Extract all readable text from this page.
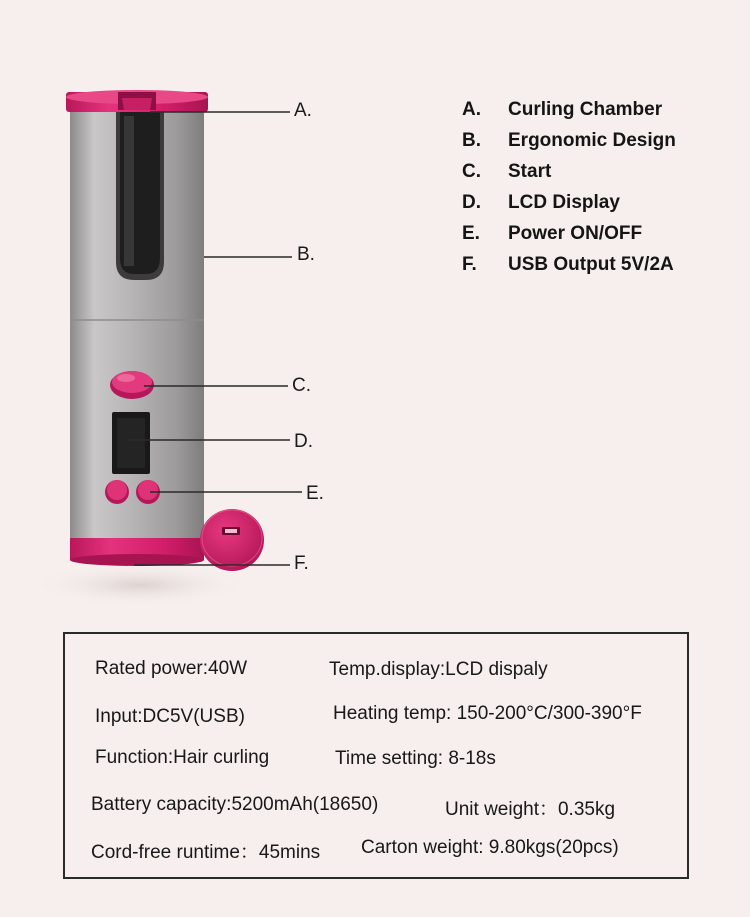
A.
B.
C.
D.
E.
F.
A.	Curling Chamber
B.	Ergonomic Design
C.	Start
D.	LCD Display
E.	Power ON/OFF
F.	USB Output 5V/2A
Rated power:40W	Temp.display:LCD dispaly
Input:DC5V(USB)	Heating temp: 150-200°C/300-390°F
Function:Hair curling	Time setting: 8-18s
Battery capacity:5200mAh(18650)	Unit weight：0.35kg
Cord-free runtime：45mins Carton weight: 9.80kgs(20pcs)
